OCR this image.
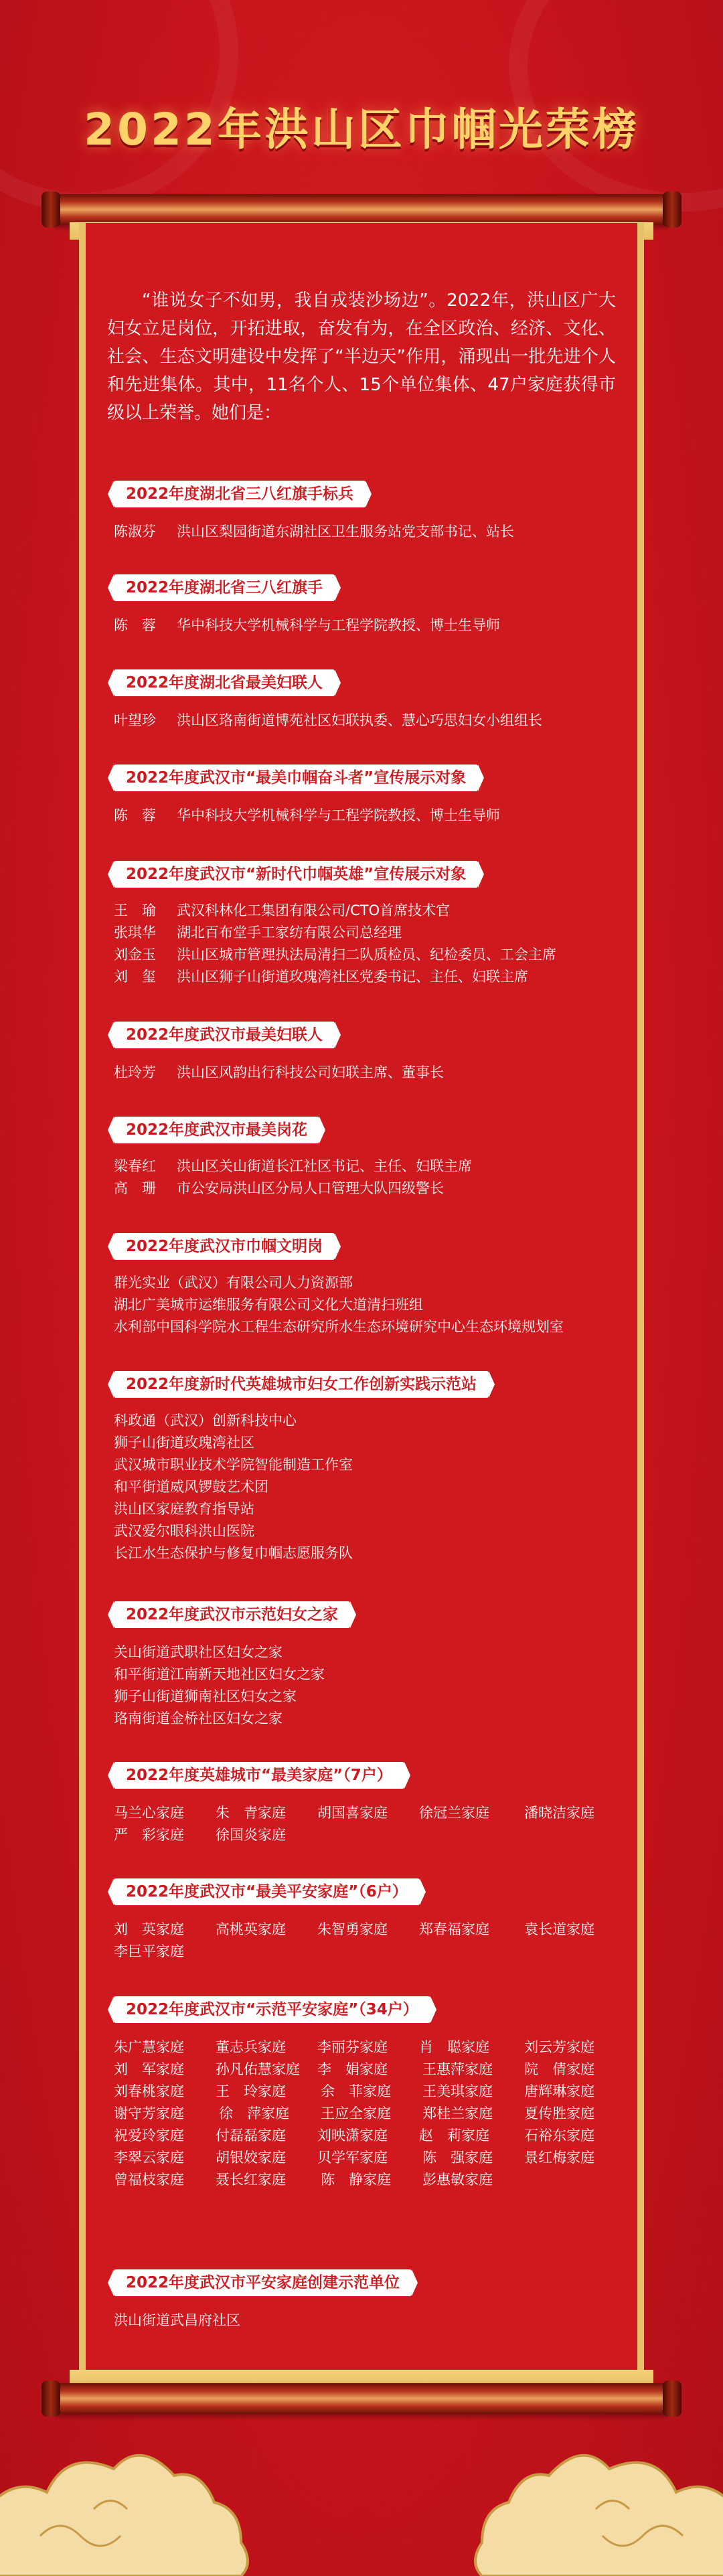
2022年洪山区巾帼光荣榜

“谁说女子不如男，我自戎装沙场边”。2022年，洪山区广大妇女立足岗位，开拓进取，奋发有为，在全区政治、经济、文化、社会、生态文明建设中发挥了“半边天”作用，涌现出一批先进个人和先进集体。其中，11名个人、15个单位集体、47户家庭获得市级以上荣誉。她们是：

2022年度湖北省三八红旗手标兵
陈淑芬 洪山区梨园街道东湖社区卫生服务站党支部书记、站长
2022年度湖北省三八红旗手
陈　蓉 华中科技大学机械科学与工程学院教授、博士生导师
2022年度湖北省最美妇联人
叶望珍 洪山区珞南街道博苑社区妇联执委、慧心巧思妇女小组组长
2022年度武汉市“最美巾帼奋斗者”宣传展示对象
陈　蓉 华中科技大学机械科学与工程学院教授、博士生导师
2022年度武汉市“新时代巾帼英雄”宣传展示对象
王　瑜 武汉科林化工集团有限公司/CTO首席技术官
张琪华 湖北百布堂手工家纺有限公司总经理
刘金玉 洪山区城市管理执法局清扫二队质检员、纪检委员、工会主席
刘　玺 洪山区狮子山街道玫瑰湾社区党委书记、主任、妇联主席
2022年度武汉市最美妇联人
杜玲芳 洪山区风韵出行科技公司妇联主席、董事长
2022年度武汉市最美岗花
梁春红 洪山区关山街道长江社区书记、主任、妇联主席
高　珊 市公安局洪山区分局人口管理大队四级警长
2022年度武汉市巾帼文明岗
群光实业（武汉）有限公司人力资源部
湖北广美城市运维服务有限公司文化大道清扫班组
水利部中国科学院水工程生态研究所水生态环境研究中心生态环境规划室
2022年度新时代英雄城市妇女工作创新实践示范站
科政通（武汉）创新科技中心
狮子山街道玫瑰湾社区
武汉城市职业技术学院智能制造工作室
和平街道威风锣鼓艺术团
洪山区家庭教育指导站
武汉爱尔眼科洪山医院
长江水生态保护与修复巾帼志愿服务队
2022年度武汉市示范妇女之家
关山街道武职社区妇女之家
和平街道江南新天地社区妇女之家
狮子山街道狮南社区妇女之家
珞南街道金桥社区妇女之家
2022年度英雄城市“最美家庭”（7户）
马兰心家庭 朱　青家庭 胡国喜家庭 徐冠兰家庭 潘晓洁家庭严　彩家庭 徐国炎家庭
2022年度武汉市“最美平安家庭”（6户）
刘　英家庭 高桃英家庭 朱智勇家庭 郑春福家庭 袁长道家庭李巨平家庭
2022年度武汉市“示范平安家庭”（34户）
朱广慧家庭 董志兵家庭 李丽芬家庭 肖　聪家庭 刘云芳家庭刘　军家庭 孙凡佑慧家庭 李　娟家庭 王惠萍家庭 院　倩家庭刘春桃家庭 王　玲家庭 余　菲家庭 王美琪家庭 唐辉琳家庭谢守芳家庭 徐　萍家庭 王应全家庭 郑桂兰家庭 夏传胜家庭 祝爱玲家庭 付磊磊家庭 刘映潇家庭 赵　莉家庭 石裕东家庭李翠云家庭 胡银姣家庭 贝学军家庭 陈　强家庭 景红梅家庭曾福枝家庭 聂长红家庭 陈　静家庭 彭惠敏家庭
2022年度武汉市平安家庭创建示范单位
洪山街道武昌府社区
